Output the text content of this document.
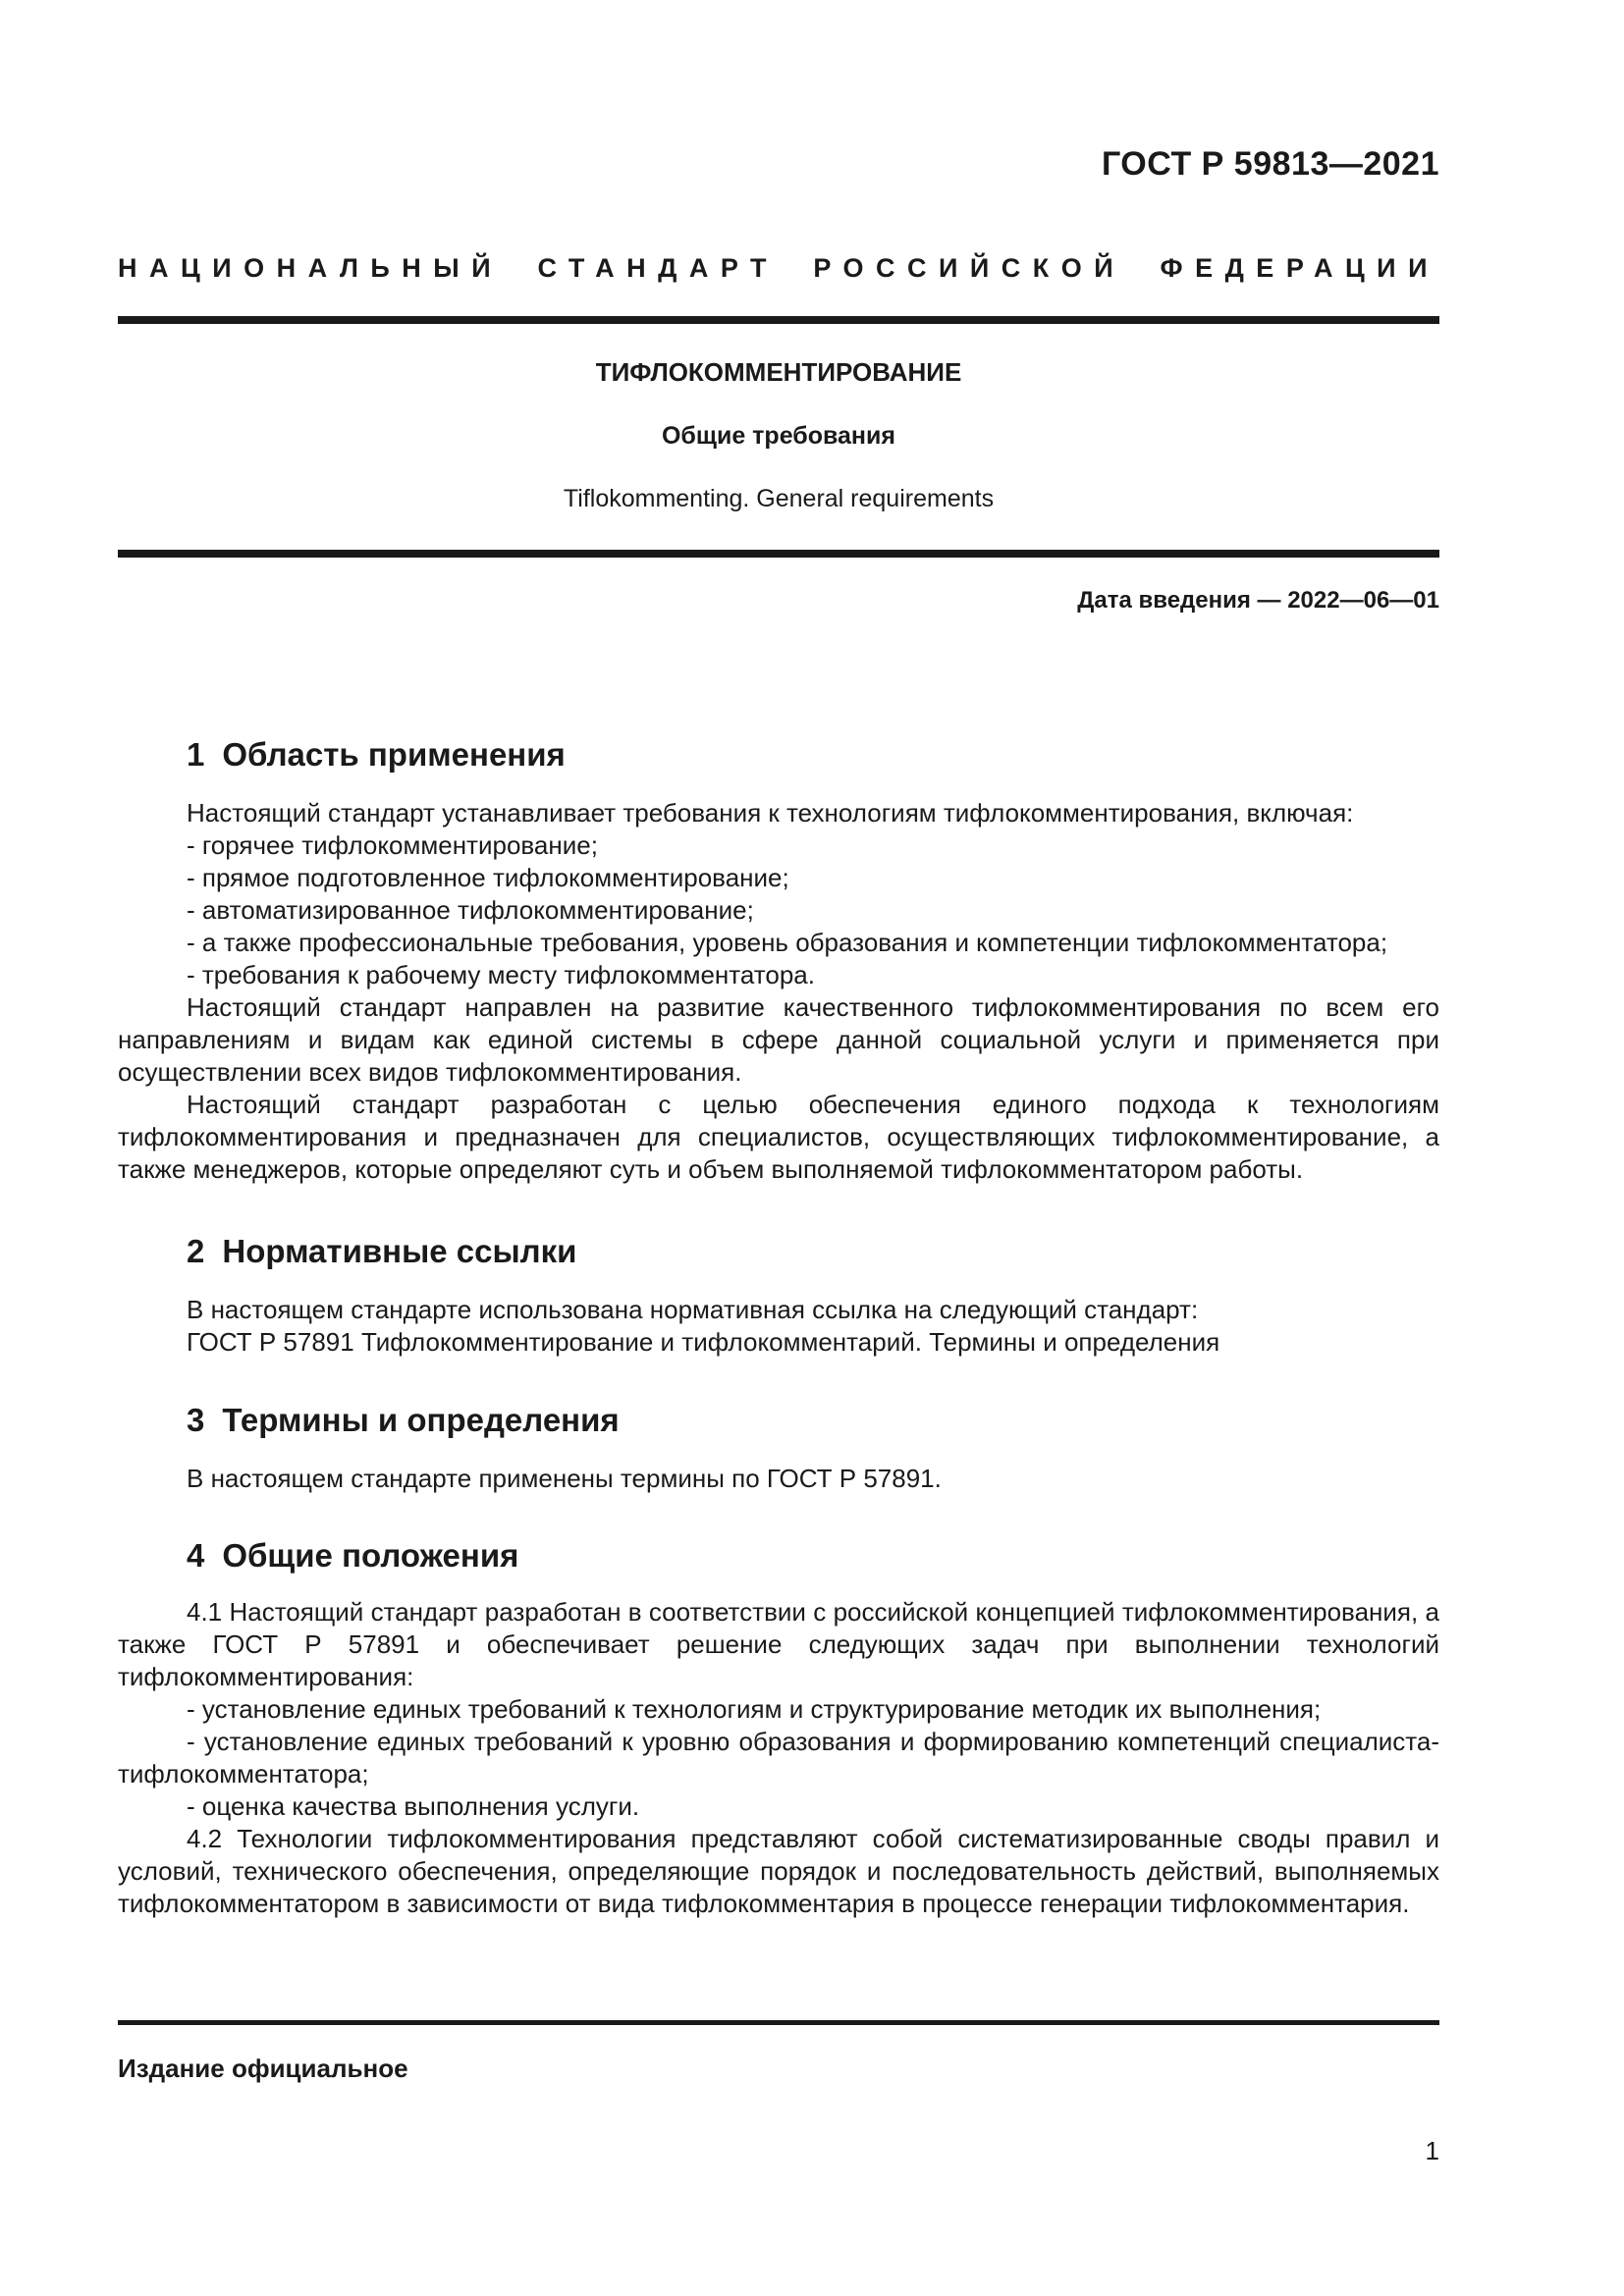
ГОСТ Р 59813—2021
НАЦИОНАЛЬНЫЙ СТАНДАРТ РОССИЙСКОЙ ФЕДЕРАЦИИ
ТИФЛОКОММЕНТИРОВАНИЕ
Общие требования
Tiflokommenting. General requirements
Дата введения — 2022—06—01
1 Область применения

Настоящий стандарт устанавливает требования к технологиям тифлокомментирования, включая:

- горячее тифлокомментирование;

- прямое подготовленное тифлокомментирование;

- автоматизированное тифлокомментирование;

- а также профессиональные требования, уровень образования и компетенции тифлокомментатора;

- требования к рабочему месту тифлокомментатора.

Настоящий стандарт направлен на развитие качественного тифлокомментирования по всем его направлениям и видам как единой системы в сфере данной социальной услуги и применяется при осуществлении всех видов тифлокомментирования.

Настоящий стандарт разработан с целью обеспечения единого подхода к технологиям тифлокомментирования и предназначен для специалистов, осуществляющих тифлокомментирование, а также менеджеров, которые определяют суть и объем выполняемой тифлокомментатором работы.

2 Нормативные ссылки

В настоящем стандарте использована нормативная ссылка на следующий стандарт:

ГОСТ Р 57891 Тифлокомментирование и тифлокомментарий. Термины и определения

3 Термины и определения

В настоящем стандарте применены термины по ГОСТ Р 57891.

4 Общие положения

4.1 Настоящий стандарт разработан в соответствии с российской концепцией тифлокомментирования, а также ГОСТ Р 57891 и обеспечивает решение следующих задач при выполнении технологий тифлокомментирования:

- установление единых требований к технологиям и структурирование методик их выполнения;

- установление единых требований к уровню образования и формированию компетенций специалиста-тифлокомментатора;

- оценка качества выполнения услуги.

4.2 Технологии тифлокомментирования представляют собой систематизированные своды правил и условий, технического обеспечения, определяющие порядок и последовательность действий, выполняемых тифлокомментатором в зависимости от вида тифлокомментария в процессе генерации тифлокомментария.

Издание официальное
1
